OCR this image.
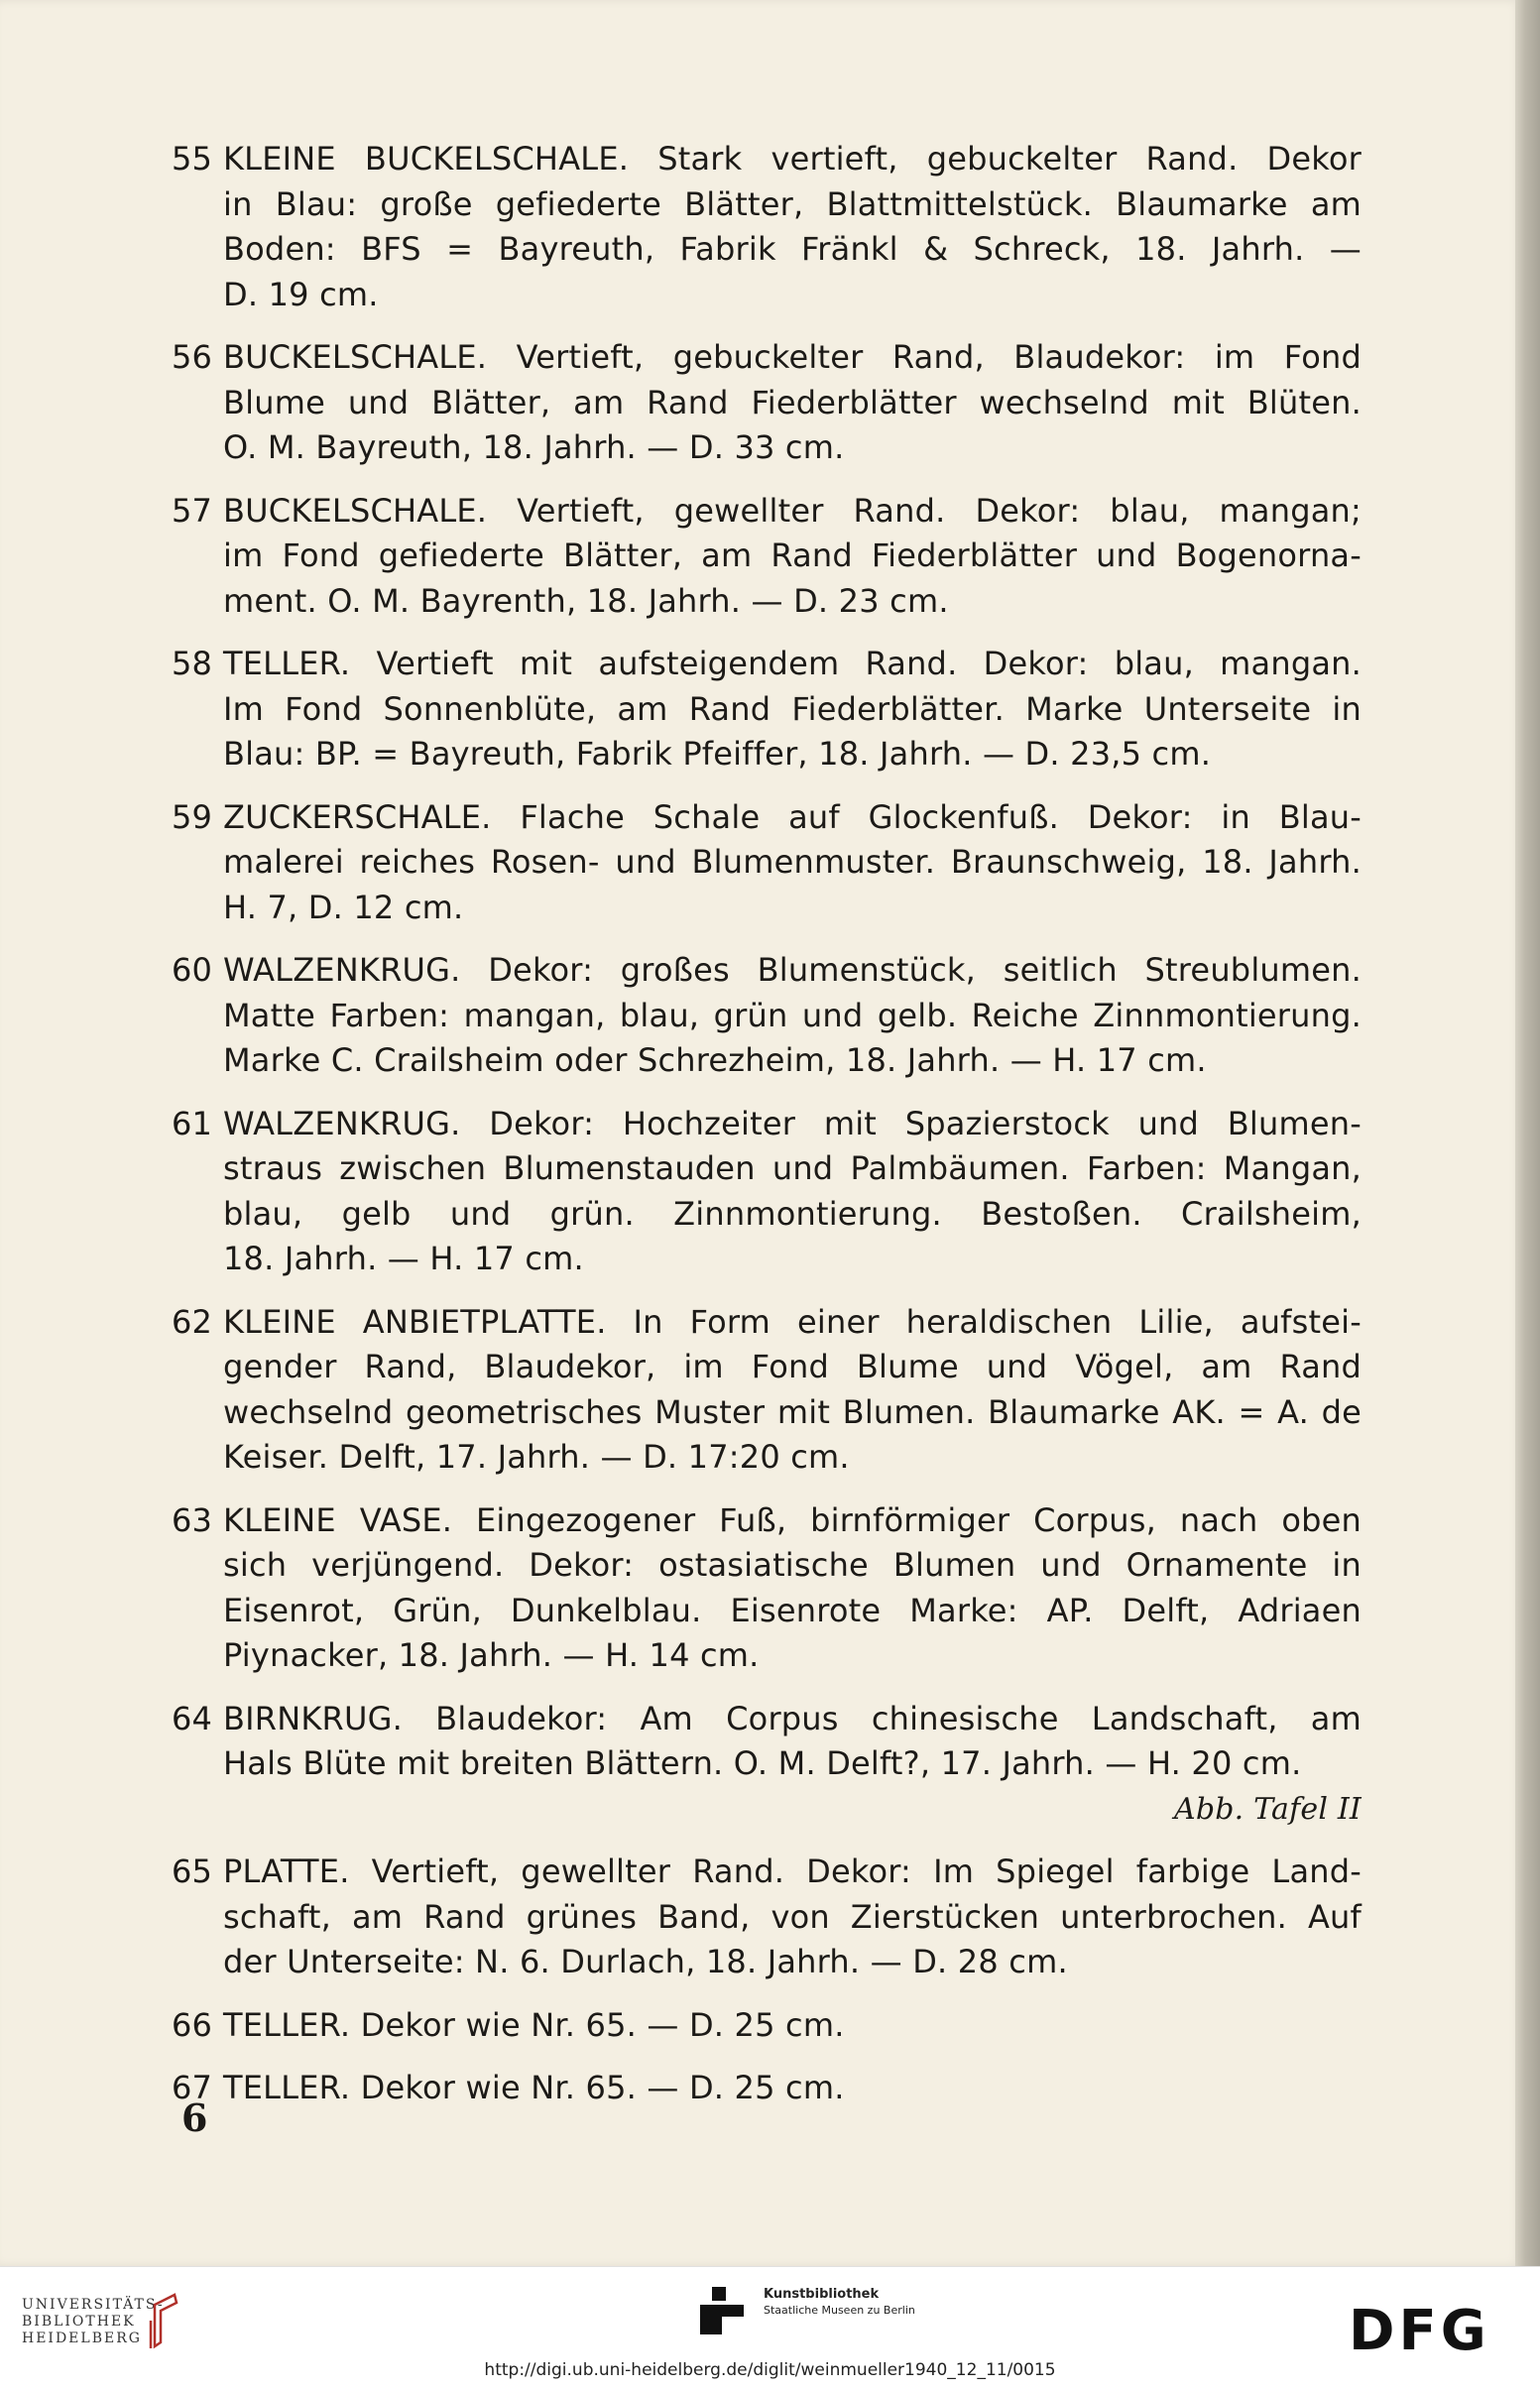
55 KLEINE BUCKELSCHALE. Stark vertieft, gebuckelter Rand. Dekor
in Blau: große gefiederte Blätter, Blattmittelstück. Blaumarke am
Boden: BFS = Bayreuth, Fabrik Fränkl & Schreck, 18. Jahrh. —
D. 19 cm.
56 BUCKELSCHALE. Vertieft, gebuckelter Rand, Blaudekor: im Fond
Blume und Blätter, am Rand Fiederblätter wechselnd mit Blüten.
O. M. Bayreuth, 18. Jahrh. — D. 33 cm.
57 BUCKELSCHALE. Vertieft, gewellter Rand. Dekor: blau, mangan;
im Fond gefiederte Blätter, am Rand Fiederblätter und Bogenorna-
ment. O. M. Bayrenth, 18. Jahrh. — D. 23 cm.
58 TELLER. Vertieft mit aufsteigendem Rand. Dekor: blau, mangan.
Im Fond Sonnenblüte, am Rand Fiederblätter. Marke Unterseite in
Blau: BP. = Bayreuth, Fabrik Pfeiffer, 18. Jahrh. — D. 23,5 cm.
59 ZUCKERSCHALE. Flache Schale auf Glockenfuß. Dekor: in Blau-
malerei reiches Rosen- und Blumenmuster. Braunschweig, 18. Jahrh.
H. 7, D. 12 cm.
60 WALZENKRUG. Dekor: großes Blumenstück, seitlich Streublumen.
Matte Farben: mangan, blau, grün und gelb. Reiche Zinnmontierung.
Marke C. Crailsheim oder Schrezheim, 18. Jahrh. — H. 17 cm.
61 WALZENKRUG. Dekor: Hochzeiter mit Spazierstock und Blumen-
straus zwischen Blumenstauden und Palmbäumen. Farben: Mangan,
blau, gelb und grün. Zinnmontierung. Bestoßen. Crailsheim,
18. Jahrh. — H. 17 cm.
62 KLEINE ANBIETPLATTE. In Form einer heraldischen Lilie, aufstei-
gender Rand, Blaudekor, im Fond Blume und Vögel, am Rand
wechselnd geometrisches Muster mit Blumen. Blaumarke AK. = A. de
Keiser. Delft, 17. Jahrh. — D. 17:20 cm.
63 KLEINE VASE. Eingezogener Fuß, birnförmiger Corpus, nach oben
sich verjüngend. Dekor: ostasiatische Blumen und Ornamente in
Eisenrot, Grün, Dunkelblau. Eisenrote Marke: AP. Delft, Adriaen
Piynacker, 18. Jahrh. — H. 14 cm.
64 BIRNKRUG. Blaudekor: Am Corpus chinesische Landschaft, am
Hals Blüte mit breiten Blättern. O. M. Delft?, 17. Jahrh. — H. 20 cm.
Abb. Tafel II
65 PLATTE. Vertieft, gewellter Rand. Dekor: Im Spiegel farbige Land-
schaft, am Rand grünes Band, von Zierstücken unterbrochen. Auf
der Unterseite: N. 6. Durlach, 18. Jahrh. — D. 28 cm.
66 TELLER. Dekor wie Nr. 65. — D. 25 cm.
67 TELLER. Dekor wie Nr. 65. — D. 25 cm.
6
UNIVERSITÄTS-
BIBLIOTHEK
HEIDELBERG
Kunstbibliothek
Staatliche Museen zu Berlin	DFG
http://digi.ub.uni-heidelberg.de/diglit/weinmueller1940_12_11/0015
